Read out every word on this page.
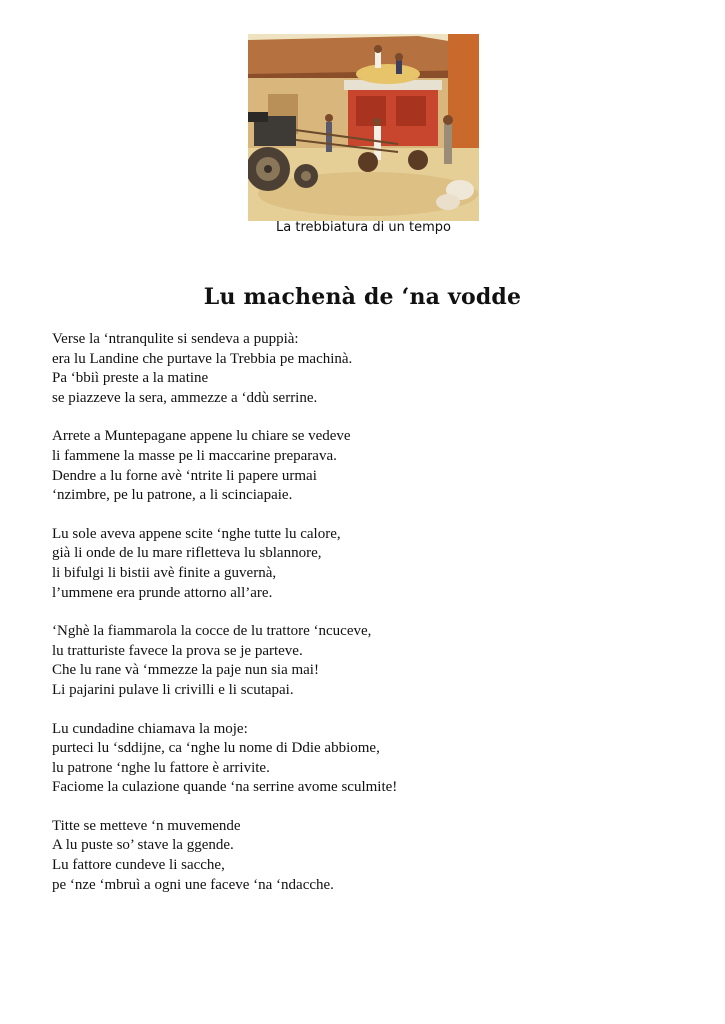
La trebbiatura di un tempo
Lu machenà de ‘na vodde
Verse la ‘ntranqulite si sendeva a puppià:
era lu Landine che purtave la Trebbia pe machinà.
Pa ‘bbiì preste a la matine
se piazzeve la sera, ammezze a ‘ddù serrine.
Arrete a Muntepagane appene lu chiare se vedeve
li fammene la masse pe li maccarine preparava.
Dendre a lu forne avè ‘ntrite li papere urmai
‘nzimbre, pe lu patrone, a li scinciapaie.
Lu sole aveva appene scite ‘nghe tutte lu calore,
già li onde de lu mare rifletteva lu sblannore,
li bifulgi li bistii avè finite a guvernà,
l’ummene era prunde attorno all’are.
‘Nghè la fiammarola la cocce de lu trattore ‘ncuceve,
lu tratturiste favece la prova se je parteve.
Che lu rane và ‘mmezze la paje nun sia mai!
Li pajarini pulave li crivilli e li scutapai.
Lu cundadine chiamava la moje:
purteci lu ‘sddijne, ca ‘nghe lu nome di Ddie abbiome,
lu patrone ‘nghe lu fattore è arrivite.
Faciome la culazione quande ‘na serrine avome sculmite!
Titte se metteve ‘n muvemende
A lu puste so’ stave la ggende.
Lu fattore cundeve li sacche,
pe ‘nze ‘mbruì a ogni une faceve ‘na ‘ndacche.
